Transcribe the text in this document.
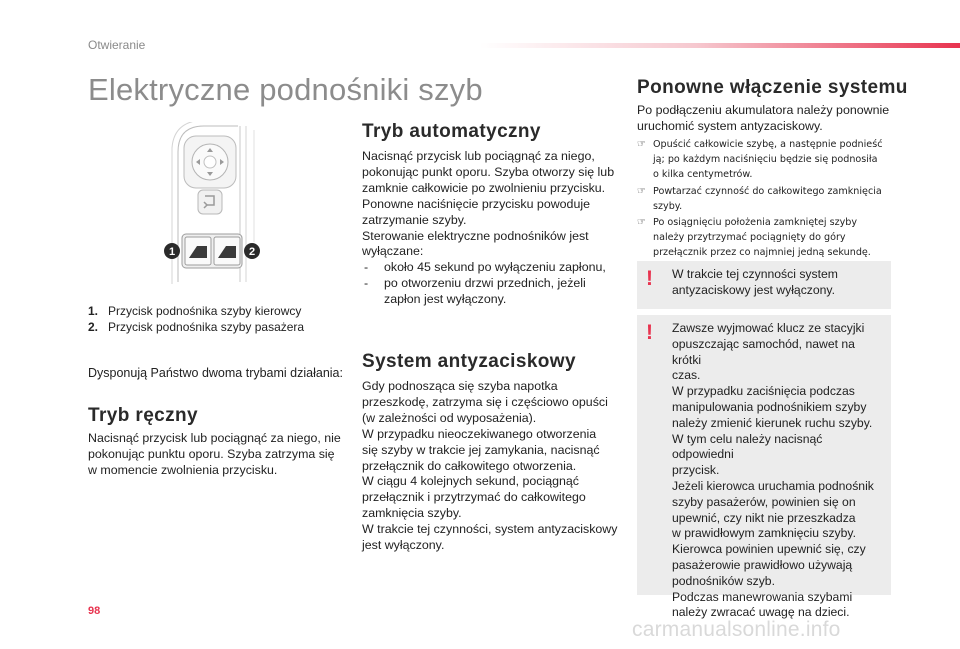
Otwieranie
Elektryczne podnośniki szyb
1	2
1. Przycisk podnośnika szyby kierowcy
2. Przycisk podnośnika szyby pasażera
Dysponują Państwo dwoma trybami działania:
Tryb ręczny
Nacisnąć przycisk lub pociągnąć za niego, nie
pokonując punktu oporu. Szyba zatrzyma się
w momencie zwolnienia przycisku.
Tryb automatyczny
Nacisnąć przycisk lub pociągnąć za niego,
pokonując punkt oporu. Szyba otworzy się lub
zamknie całkowicie po zwolnieniu przycisku.
Ponowne naciśnięcie przycisku powoduje
zatrzymanie szyby.
Sterowanie elektryczne podnośników jest
wyłączane:
-	około 45 sekund po wyłączeniu zapłonu,
-	po otworzeniu drzwi przednich, jeżeli
zapłon jest wyłączony.
System antyzaciskowy
Gdy podnosząca się szyba napotka
przeszkodę, zatrzyma się i częściowo opuści
(w zależności od wyposażenia).
W przypadku nieoczekiwanego otworzenia
się szyby w trakcie jej zamykania, nacisnąć
przełącznik do całkowitego otworzenia.
W ciągu 4 kolejnych sekund, pociągnąć
przełącznik i przytrzymać do całkowitego
zamknięcia szyby.
W trakcie tej czynności, system antyzaciskowy
jest wyłączony.
Ponowne włączenie systemu
Po podłączeniu akumulatora należy ponownie
uruchomić system antyzaciskowy.
☞ Opuścić całkowicie szybę, a następnie podnieść
ją; po każdym naciśnięciu będzie się podnosiła
o kilka centymetrów.
☞ Powtarzać czynność do całkowitego zamknięcia
szyby.
☞ Po osiągnięciu położenia zamkniętej szyby
należy przytrzymać pociągnięty do góry
przełącznik przez co najmniej jedną sekundę.
! W trakcie tej czynności system
antyzaciskowy jest wyłączony.
! Zawsze wyjmować klucz ze stacyjki
opuszczając samochód, nawet na krótki
czas.
W przypadku zaciśnięcia podczas
manipulowania podnośnikiem szyby
należy zmienić kierunek ruchu szyby.
W tym celu należy nacisnąć odpowiedni
przycisk.
Jeżeli kierowca uruchamia podnośnik
szyby pasażerów, powinien się on
upewnić, czy nikt nie przeszkadza
w prawidłowym zamknięciu szyby.
Kierowca powinien upewnić się, czy
pasażerowie prawidłowo używają
podnośników szyb.
Podczas manewrowania szybami
należy zwracać uwagę na dzieci.
98
carmanualsonline.info
